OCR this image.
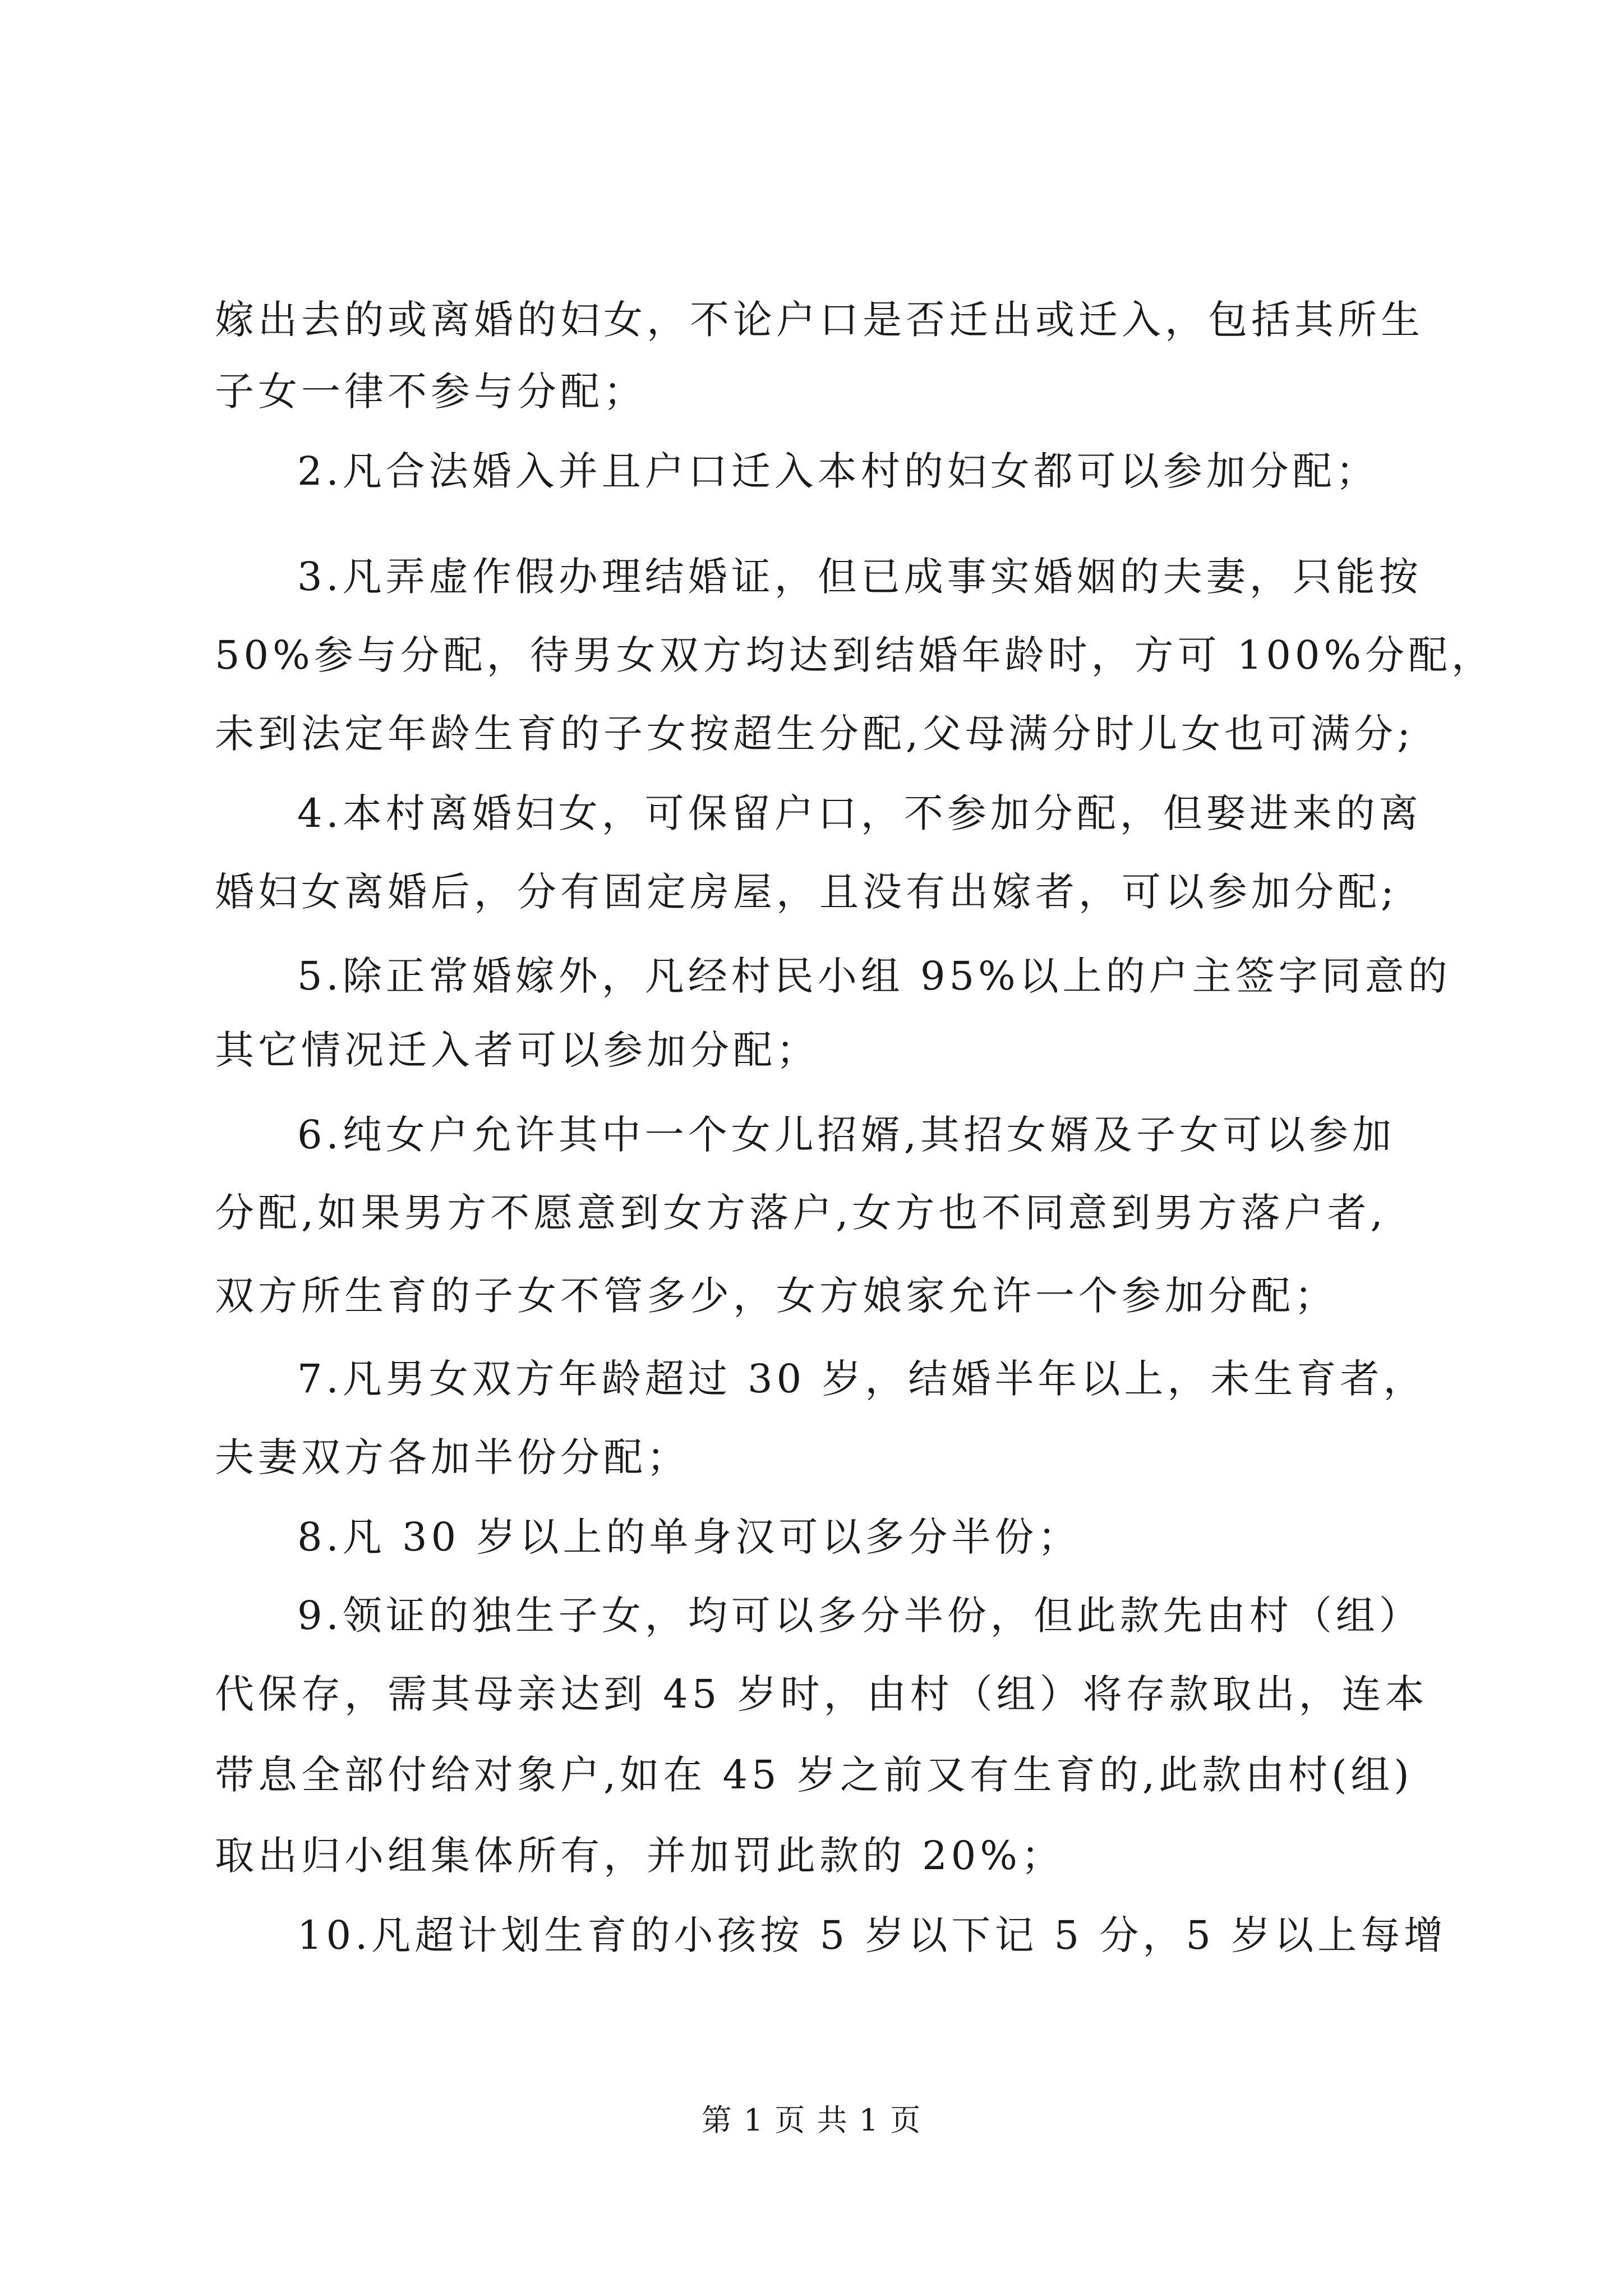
嫁出去的或离婚的妇女，不论户口是否迁出或迁入，包括其所生
子女一律不参与分配；
2.凡合法婚入并且户口迁入本村的妇女都可以参加分配；
3.凡弄虚作假办理结婚证，但已成事实婚姻的夫妻，只能按
50%参与分配，待男女双方均达到结婚年龄时，方可 100%分配，
未到法定年龄生育的子女按超生分配,父母满分时儿女也可满分;
4.本村离婚妇女，可保留户口，不参加分配，但娶进来的离
婚妇女离婚后，分有固定房屋，且没有出嫁者，可以参加分配;
5.除正常婚嫁外，凡经村民小组 95%以上的户主签字同意的
其它情况迁入者可以参加分配；
6.纯女户允许其中一个女儿招婿,其招女婿及子女可以参加
分配,如果男方不愿意到女方落户,女方也不同意到男方落户者,
双方所生育的子女不管多少，女方娘家允许一个参加分配；
7.凡男女双方年龄超过 30 岁，结婚半年以上，未生育者，
夫妻双方各加半份分配；
8.凡 30 岁以上的单身汉可以多分半份；
9.领证的独生子女，均可以多分半份，但此款先由村（组）
代保存，需其母亲达到 45 岁时，由村（组）将存款取出，连本
带息全部付给对象户,如在 45 岁之前又有生育的,此款由村(组)
取出归小组集体所有，并加罚此款的 20%；
10.凡超计划生育的小孩按 5 岁以下记 5 分，5 岁以上每增
第 1 页 共 1 页
